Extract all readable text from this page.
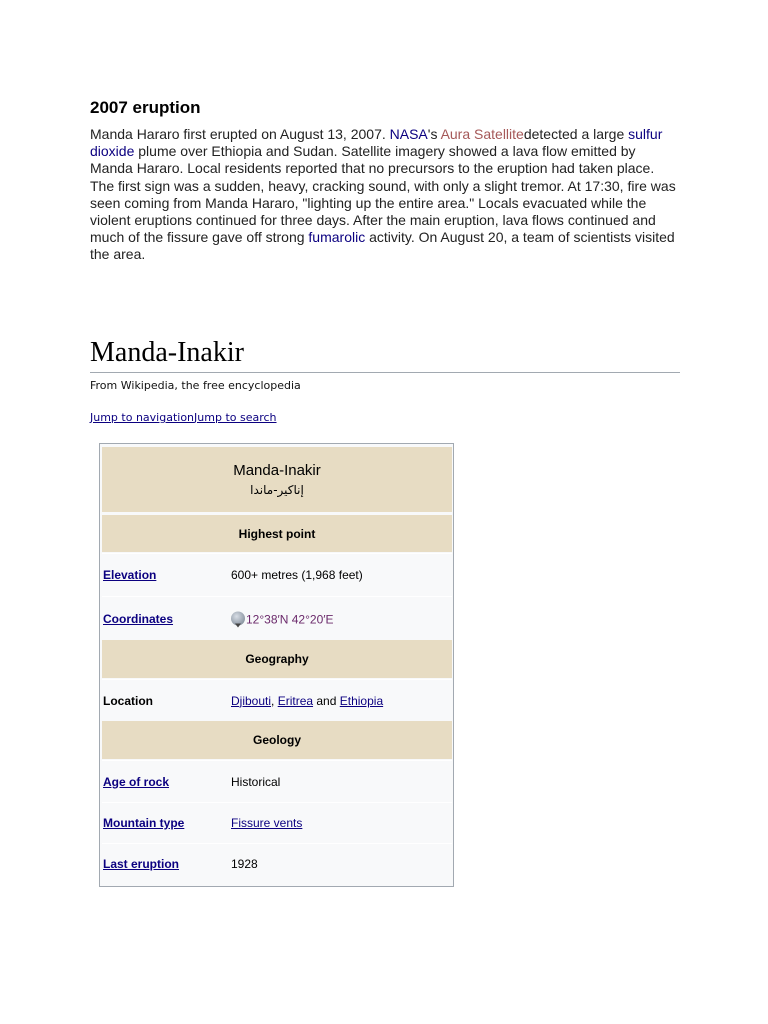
2007 eruption
Manda Hararo first erupted on August 13, 2007. NASA's Aura Satellitedetected a large sulfur dioxide plume over Ethiopia and Sudan. Satellite imagery showed a lava flow emitted by Manda Hararo. Local residents reported that no precursors to the eruption had taken place. The first sign was a sudden, heavy, cracking sound, with only a slight tremor. At 17:30, fire was seen coming from Manda Hararo, "lighting up the entire area." Locals evacuated while the violent eruptions continued for three days. After the main eruption, lava flows continued and much of the fissure gave off strong fumarolic activity. On August 20, a team of scientists visited the area.
Manda-Inakir
From Wikipedia, the free encyclopedia
Jump to navigationJump to search
Manda-Inakir
إناكير-ماندا
Highest point
Elevation	600+ metres (1,968 feet)
Coordinates	12°38′N 42°20′E
Geography
Location	Djibouti, Eritrea and Ethiopia
Geology
Age of rock	Historical
Mountain type	Fissure vents
Last eruption	1928
